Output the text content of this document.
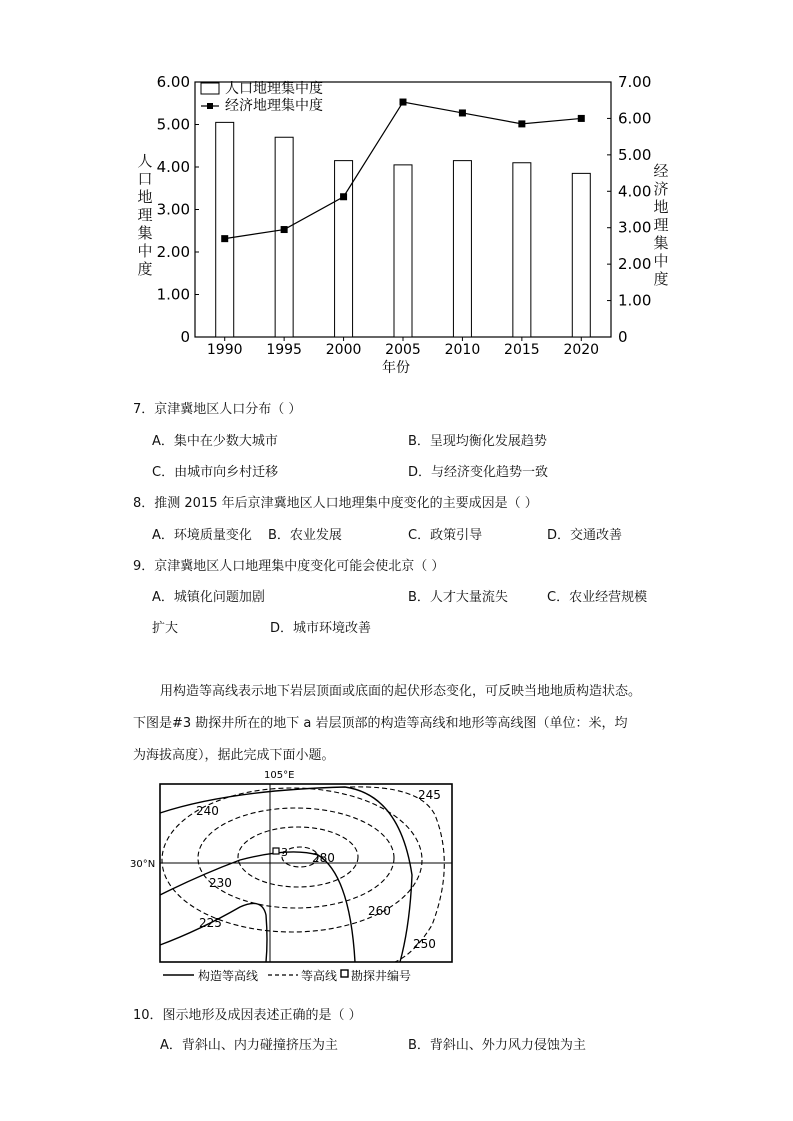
0
1.00
2.00
3.00
4.00
5.00
6.00
0
1.00
2.00
3.00
4.00
5.00
6.00
7.00
1990 1995 2000 2005 2010 2015 2020
年份
人口地理集中度
经济地理集中度
人口地理集中度
经济地理集中度
7．京津冀地区人口分布（ ）
A．集中在少数大城市	B．呈现均衡化发展趋势
C．由城市向乡村迁移	D．与经济变化趋势一致
8．推测 2015 年后京津冀地区人口地理集中度变化的主要成因是（ ）
A．环境质量变化 B．农业发展	C．政策引导	D．交通改善
9．京津冀地区人口地理集中度变化可能会使北京（ ）
A．城镇化问题加剧	B．人才大量流失	C．农业经营规模
扩大	D．城市环境改善
用构造等高线表示地下岩层顶面或底面的起伏形态变化，可反映当地地质构造状态。
下图是#3 勘探井所在的地下 a 岩层顶部的构造等高线和地形等高线图（单位：米，均
为海拔高度），据此完成下面小题。
105°E
30°N
3
240
245
280
230
260
225
250
构造等高线	等高线 勘探井编号
10．图示地形及成因表述正确的是（ ）
A．背斜山、内力碰撞挤压为主	B．背斜山、外力风力侵蚀为主
